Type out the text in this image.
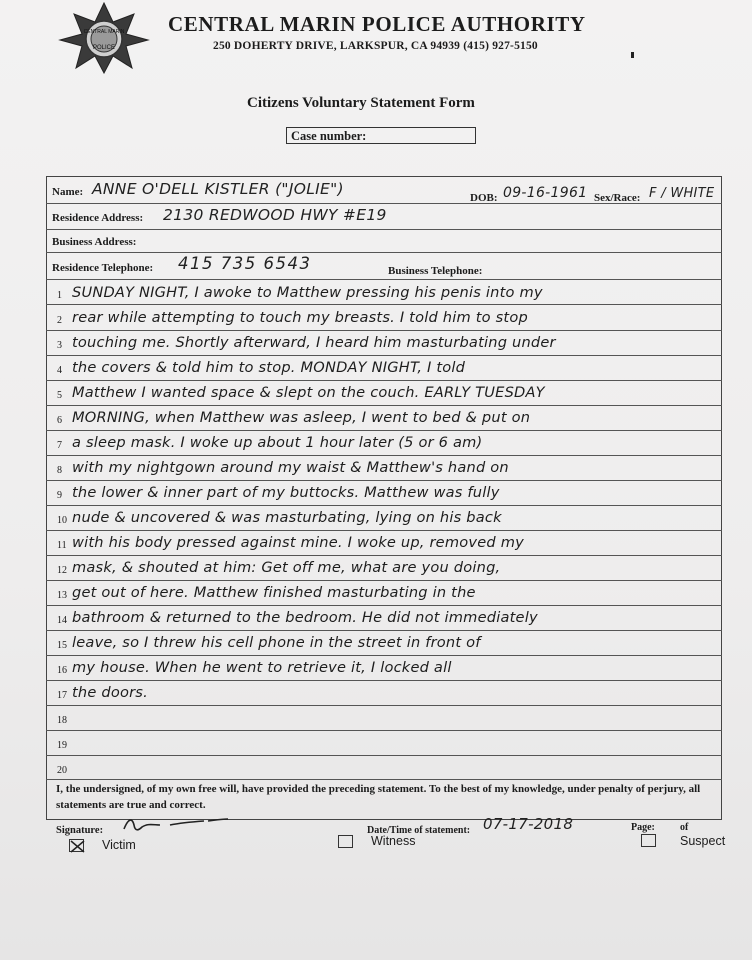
CENTRAL MARIN
POLICE
CENTRAL MARIN POLICE AUTHORITY
250 DOHERTY DRIVE, LARKSPUR, CA 94939 (415) 927-5150
Citizens Voluntary Statement Form
Case number:
Name: ANNE O'DELL KISTLER ("JOLIE")	DOB: 09-16-1961 Sex/Race: F / WHITE
Residence Address: 2130 REDWOOD HWY #E19
Business Address:
Residence Telephone: 415 735 6543	Business Telephone:
1 SUNDAY NIGHT, I awoke to Matthew pressing his penis into my
2 rear while attempting to touch my breasts. I told him to stop
3 touching me. Shortly afterward, I heard him masturbating under
4 the covers & told him to stop. MONDAY NIGHT, I told
5 Matthew I wanted space & slept on the couch. EARLY TUESDAY
6 MORNING, when Matthew was asleep, I went to bed & put on
7 a sleep mask. I woke up about 1 hour later (5 or 6 am)
8 with my nightgown around my waist & Matthew's hand on
9 the lower & inner part of my buttocks. Matthew was fully
10 nude & uncovered & was masturbating, lying on his back
11 with his body pressed against mine. I woke up, removed my
12 mask, & shouted at him: Get off me, what are you doing,
13 get out of here. Matthew finished masturbating in the
14 bathroom & returned to the bedroom. He did not immediately
15 leave, so I threw his cell phone in the street in front of
16 my house. When he went to retrieve it, I locked all
17 the doors.
18
19
20
I, the undersigned, of my own free will, have provided the preceding statement. To the best of my knowledge, under penalty of perjury, all statements are true and correct.
Signature:	Date/Time of statement: 07-17-2018	Page:	of
Victim	Witness	Suspect
